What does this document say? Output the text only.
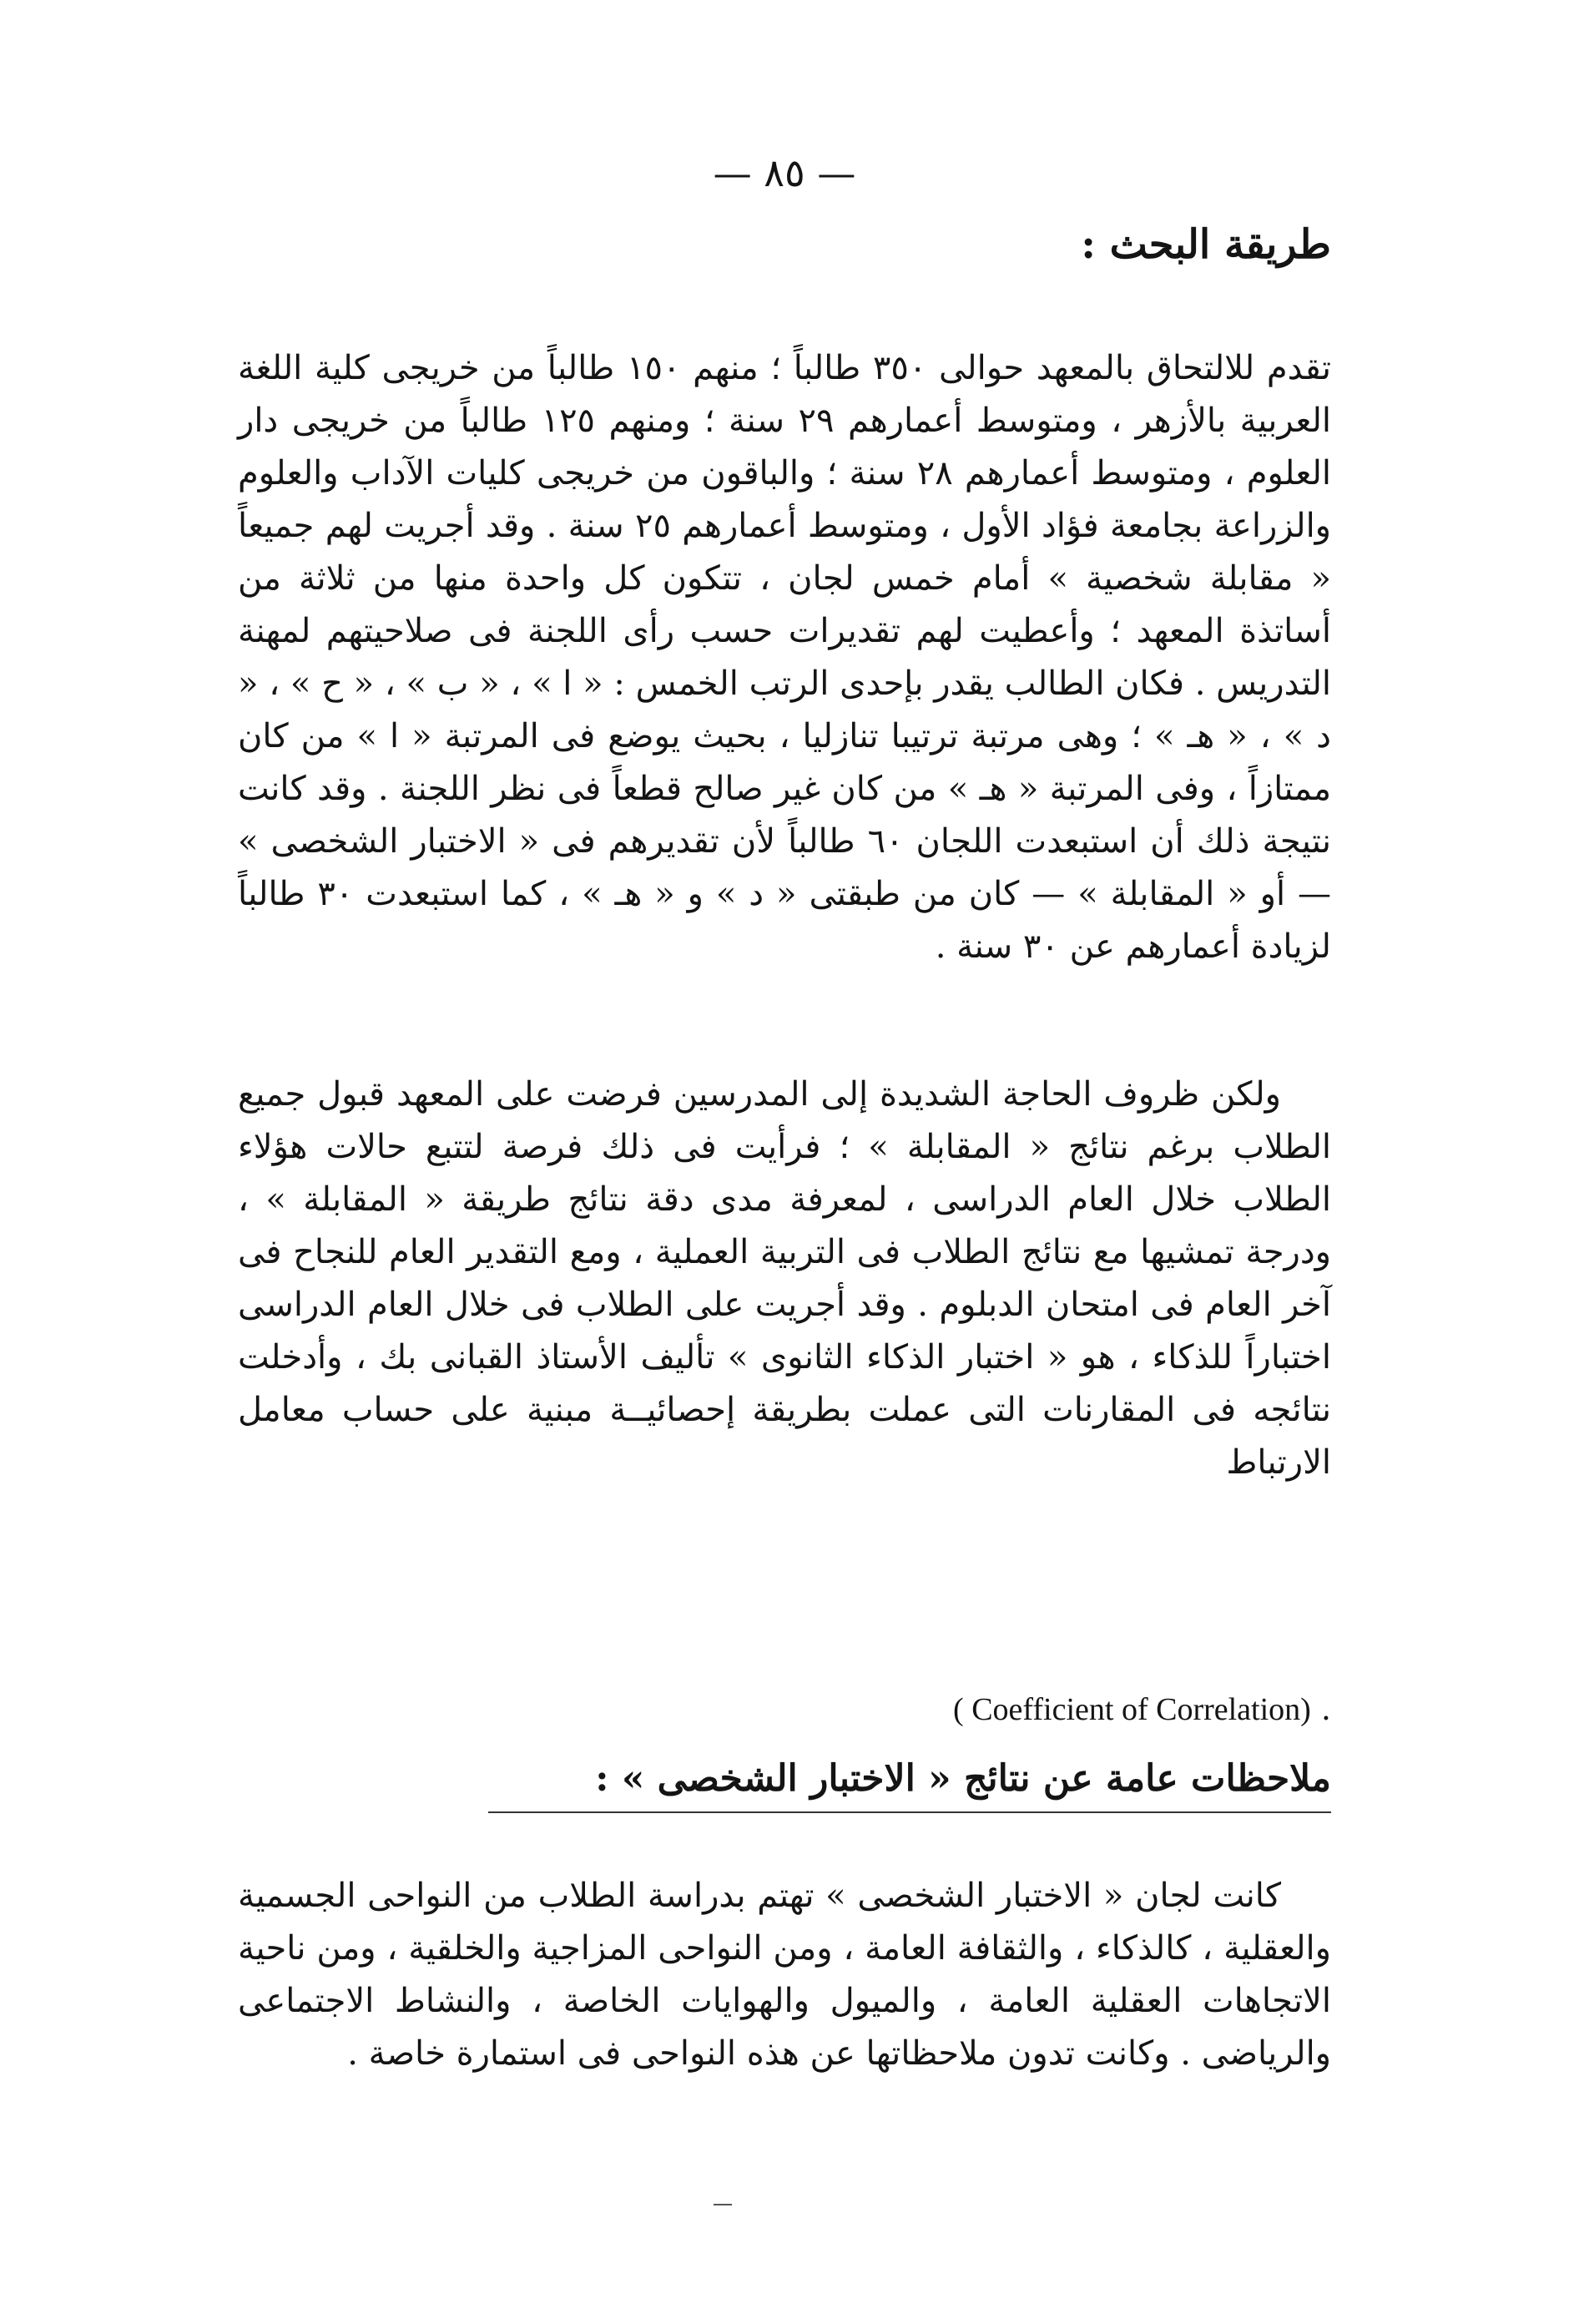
— ٨٥ —
طريقة البحث :

تقدم للالتحاق بالمعهد حوالى ٣٥٠ طالباً ؛ منهم ١٥٠ طالباً من خريجى كلية اللغة العربية بالأزهر ، ومتوسط أعمارهم ٢٩ سنة ؛ ومنهم ١٢٥ طالباً من خريجى دار العلوم ، ومتوسط أعمارهم ٢٨ سنة ؛ والباقون من خريجى كليات الآداب والعلوم والزراعة بجامعة فؤاد الأول ، ومتوسط أعمارهم ٢٥ سنة . وقد أجريت لهم جميعاً « مقابلة شخصية » أمام خمس لجان ، تتكون كل واحدة منها من ثلاثة من أساتذة المعهد ؛ وأعطيت لهم تقديرات حسب رأى اللجنة فى صلاحيتهم لمهنة التدريس . فكان الطالب يقدر بإحدى الرتب الخمس : « ا » ، « ب » ، « ح » ، « د » ، « هـ » ؛ وهى مرتبة ترتيبا تنازليا ، بحيث يوضع فى المرتبة « ا » من كان ممتازاً ، وفى المرتبة « هـ » من كان غير صالح قطعاً فى نظر اللجنة . وقد كانت نتيجة ذلك أن استبعدت اللجان ٦٠ طالباً لأن تقديرهم فى « الاختبار الشخصى » — أو « المقابلة » — كان من طبقتى « د » و « هـ » ، كما استبعدت ٣٠ طالباً لزيادة أعمارهم عن ٣٠ سنة .

ولكن ظروف الحاجة الشديدة إلى المدرسين فرضت على المعهد قبول جميع الطلاب برغم نتائج « المقابلة » ؛ فرأيت فى ذلك فرصة لتتبع حالات هؤلاء الطلاب خلال العام الدراسى ، لمعرفة مدى دقة نتائج طريقة « المقابلة » ، ودرجة تمشيها مع نتائج الطلاب فى التربية العملية ، ومع التقدير العام للنجاح فى آخر العام فى امتحان الدبلوم . وقد أجريت على الطلاب فى خلال العام الدراسى اختباراً للذكاء ، هو « اختبار الذكاء الثانوى » تأليف الأستاذ القبانى بك ، وأدخلت نتائجه فى المقارنات التى عملت بطريقة إحصائيــة مبنية على حساب معامل الارتباط

. ( Coefficient of Correlation)
ملاحظات عامة عن نتائج « الاختبار الشخصى » :

كانت لجان « الاختبار الشخصى » تهتم بدراسة الطلاب من النواحى الجسمية والعقلية ، كالذكاء ، والثقافة العامة ، ومن النواحى المزاجية والخلقية ، ومن ناحية الاتجاهات العقلية العامة ، والميول والهوايات الخاصة ، والنشاط الاجتماعى والرياضى . وكانت تدون ملاحظاتها عن هذه النواحى فى استمارة خاصة .
